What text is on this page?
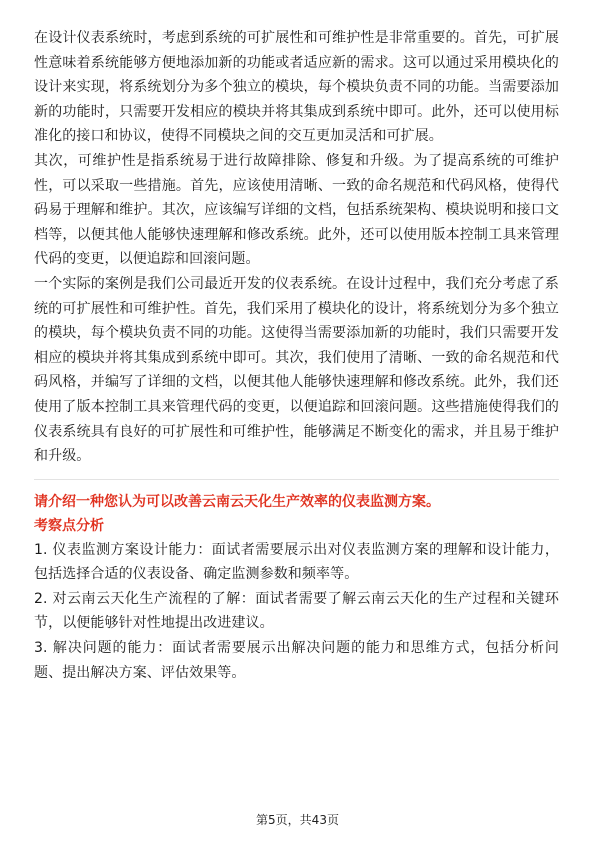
在设计仪表系统时，考虑到系统的可扩展性和可维护性是非常重要的。首先，可扩展性意味着系统能够方便地添加新的功能或者适应新的需求。这可以通过采用模块化的设计来实现，将系统划分为多个独立的模块，每个模块负责不同的功能。当需要添加新的功能时，只需要开发相应的模块并将其集成到系统中即可。此外，还可以使用标准化的接口和协议，使得不同模块之间的交互更加灵活和可扩展。

其次，可维护性是指系统易于进行故障排除、修复和升级。为了提高系统的可维护性，可以采取一些措施。首先，应该使用清晰、一致的命名规范和代码风格，使得代码易于理解和维护。其次，应该编写详细的文档，包括系统架构、模块说明和接口文档等，以便其他人能够快速理解和修改系统。此外，还可以使用版本控制工具来管理代码的变更，以便追踪和回滚问题。

一个实际的案例是我们公司最近开发的仪表系统。在设计过程中，我们充分考虑了系统的可扩展性和可维护性。首先，我们采用了模块化的设计，将系统划分为多个独立的模块，每个模块负责不同的功能。这使得当需要添加新的功能时，我们只需要开发相应的模块并将其集成到系统中即可。其次，我们使用了清晰、一致的命名规范和代码风格，并编写了详细的文档，以便其他人能够快速理解和修改系统。此外，我们还使用了版本控制工具来管理代码的变更，以便追踪和回滚问题。这些措施使得我们的仪表系统具有良好的可扩展性和可维护性，能够满足不断变化的需求，并且易于维护和升级。

请介绍一种您认为可以改善云南云天化生产效率的仪表监测方案。

考察点分析

1. 仪表监测方案设计能力：面试者需要展示出对仪表监测方案的理解和设计能力，包括选择合适的仪表设备、确定监测参数和频率等。

2. 对云南云天化生产流程的了解：面试者需要了解云南云天化的生产过程和关键环节，以便能够针对性地提出改进建议。

3. 解决问题的能力：面试者需要展示出解决问题的能力和思维方式，包括分析问题、提出解决方案、评估效果等。

第5页，共43页
